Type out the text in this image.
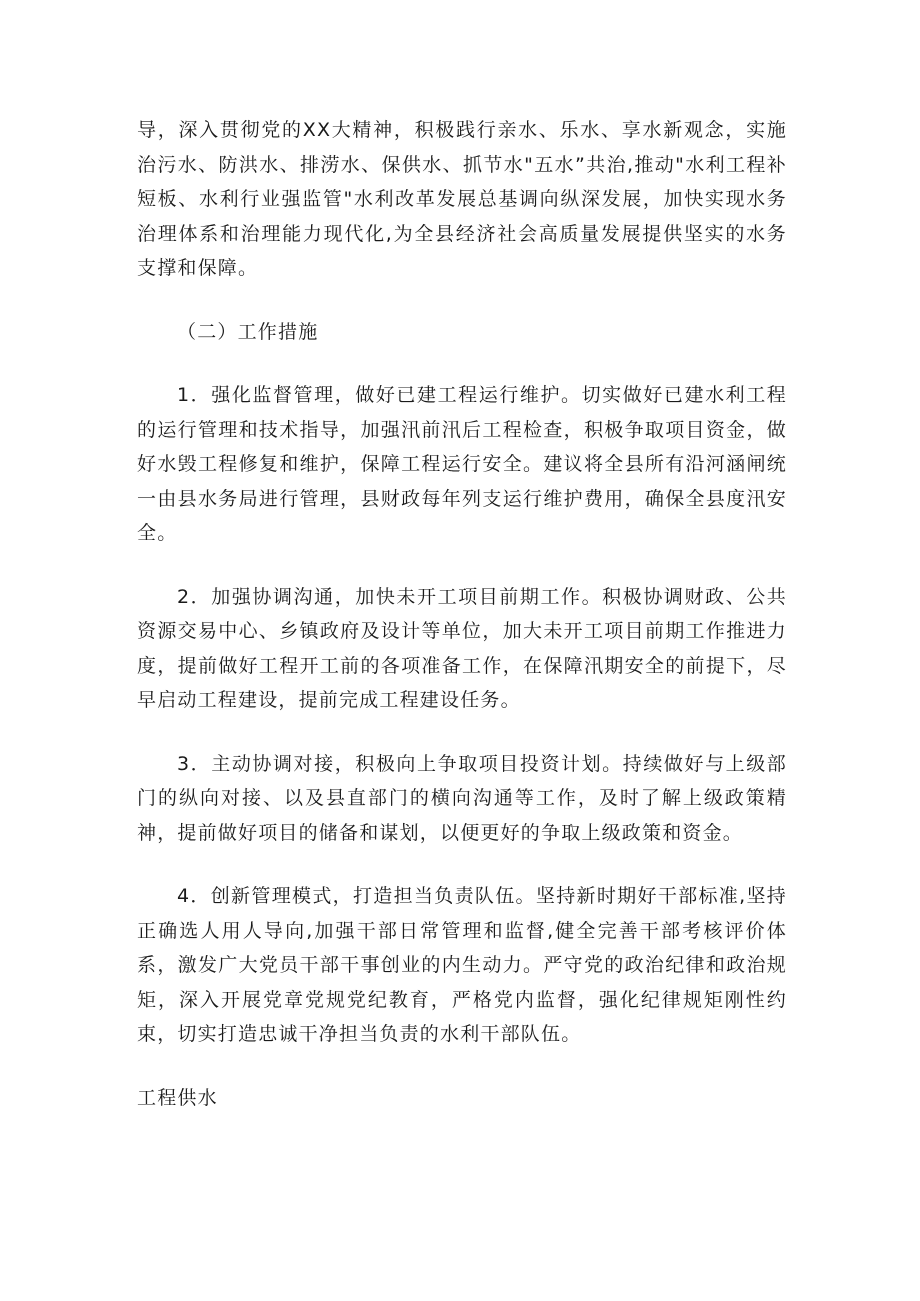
导，深入贯彻党的XX大精神，积极践行亲水、乐水、享水新观念，实施治污水、防洪水、排涝水、保供水、抓节水"五水”共治,推动"水利工程补短板、水利行业强监管"水利改革发展总基调向纵深发展，加快实现水务治理体系和治理能力现代化,为全县经济社会高质量发展提供坚实的水务支撑和保障。

（二）工作措施

1．强化监督管理，做好已建工程运行维护。切实做好已建水利工程的运行管理和技术指导，加强汛前汛后工程检查，积极争取项目资金，做好水毁工程修复和维护，保障工程运行安全。建议将全县所有沿河涵闸统一由县水务局进行管理，县财政每年列支运行维护费用，确保全县度汛安全。

2．加强协调沟通，加快未开工项目前期工作。积极协调财政、公共资源交易中心、乡镇政府及设计等单位，加大未开工项目前期工作推进力度，提前做好工程开工前的各项准备工作，在保障汛期安全的前提下，尽早启动工程建设，提前完成工程建设任务。

3．主动协调对接，积极向上争取项目投资计划。持续做好与上级部门的纵向对接、以及县直部门的横向沟通等工作，及时了解上级政策精神，提前做好项目的储备和谋划，以便更好的争取上级政策和资金。

4．创新管理模式，打造担当负责队伍。坚持新时期好干部标准,坚持正确选人用人导向,加强干部日常管理和监督,健全完善干部考核评价体系，激发广大党员干部干事创业的内生动力。严守党的政治纪律和政治规矩，深入开展党章党规党纪教育，严格党内监督，强化纪律规矩刚性约束，切实打造忠诚干净担当负责的水利干部队伍。

工程供水
